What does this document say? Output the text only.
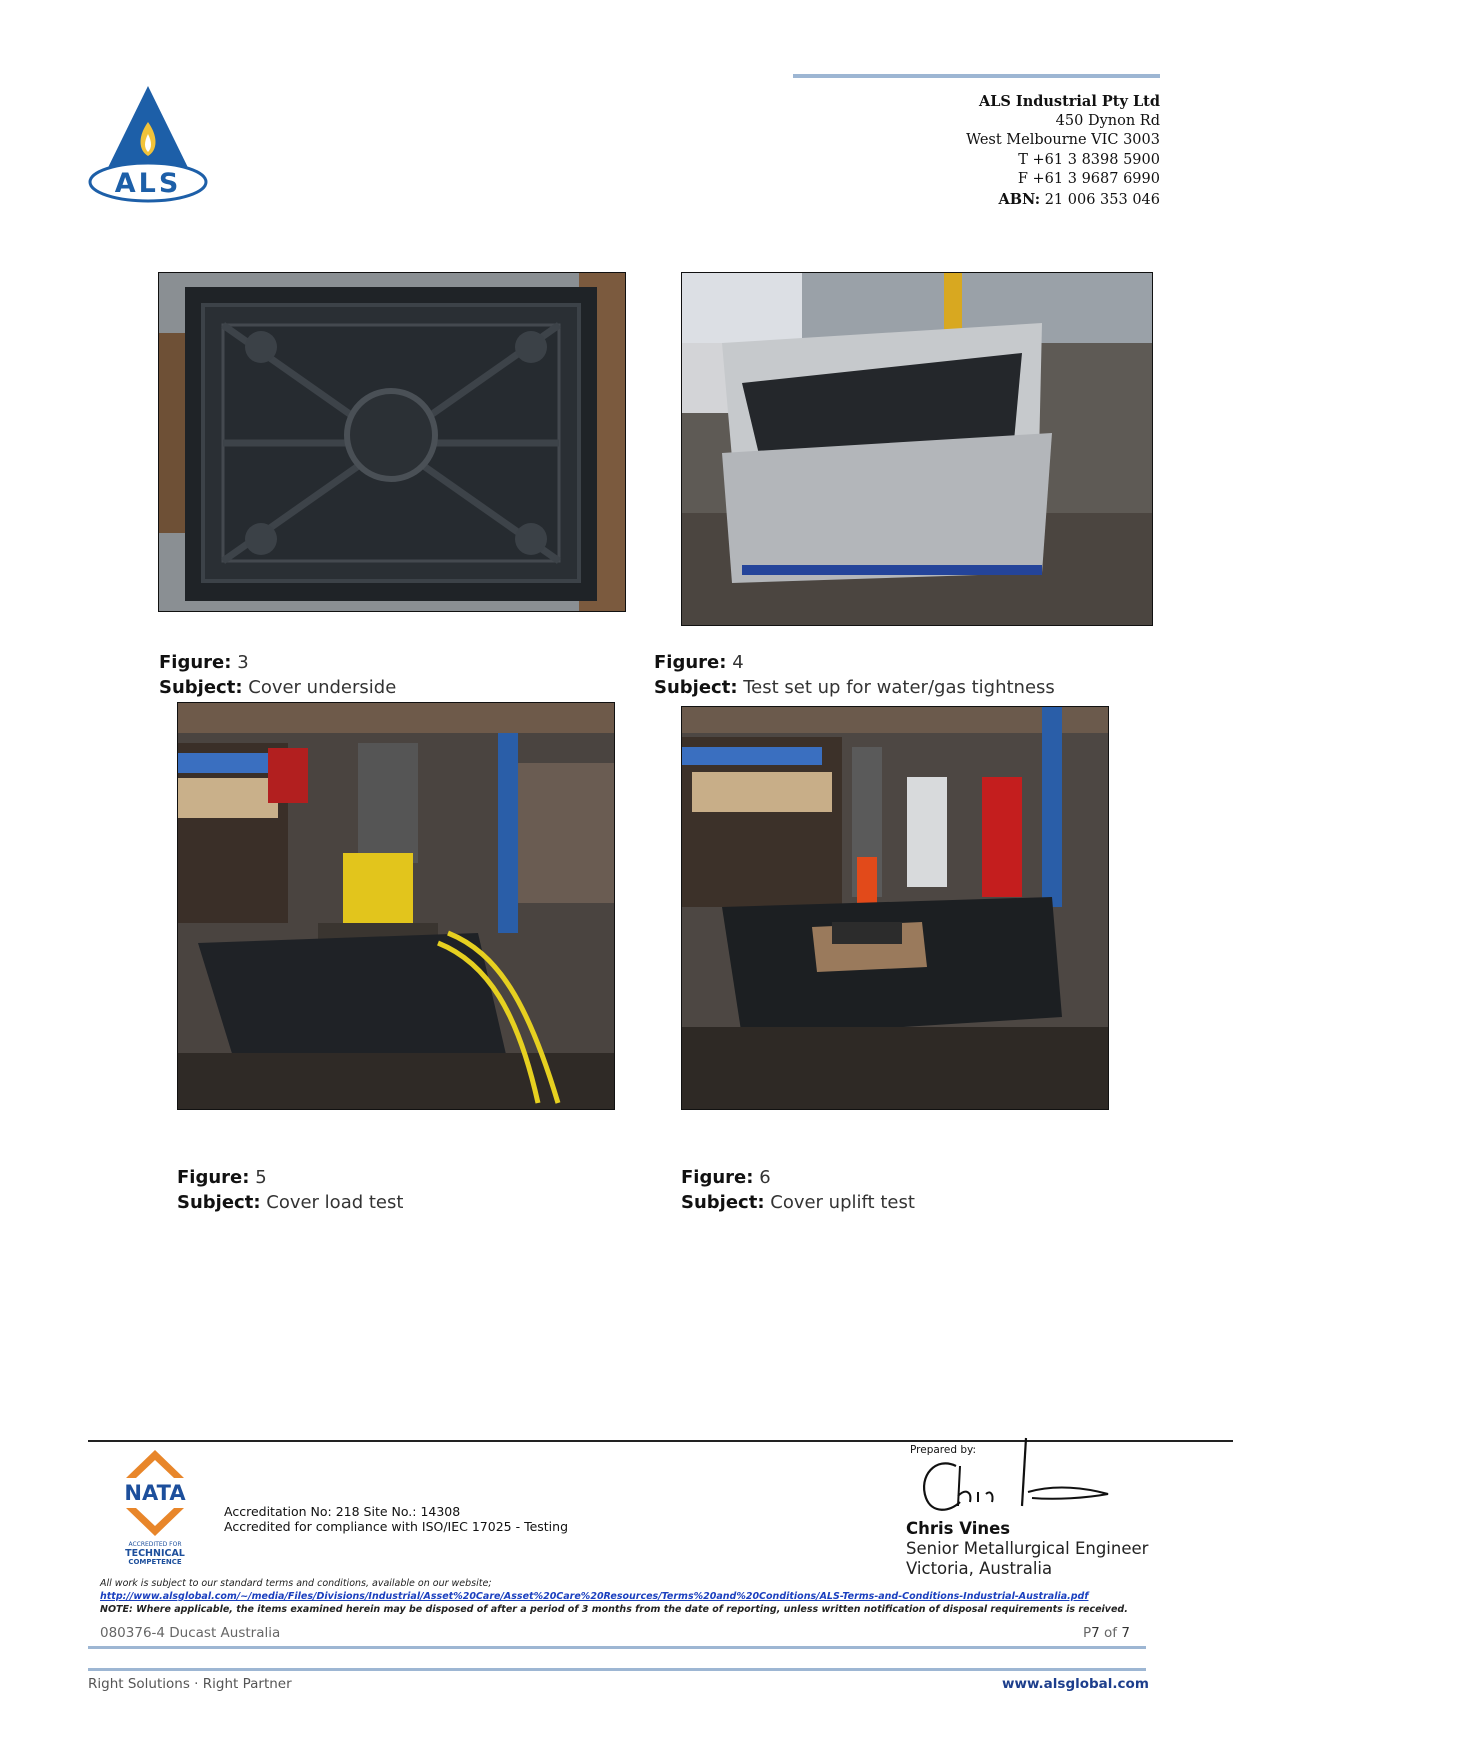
ALS
ALS Industrial Pty Ltd
450 Dynon Rd
West Melbourne VIC 3003
T +61 3 8398 5900
F +61 3 9687 6990
ABN: 21 006 353 046
Figure: 3
Subject: Cover underside
Figure: 4
Subject: Test set up for water/gas tightness
Figure: 5
Subject: Cover load test
Figure: 6
Subject: Cover uplift test
NATA
ACCREDITED FOR
TECHNICAL
COMPETENCE
Accreditation No: 218 Site No.: 14308
Accredited for compliance with ISO/IEC 17025 - Testing
Prepared by:
Chris Vines
Senior Metallurgical Engineer
Victoria, Australia
All work is subject to our standard terms and conditions, available on our website;
http://www.alsglobal.com/~/media/Files/Divisions/Industrial/Asset%20Care/Asset%20Care%20Resources/Terms%20and%20Conditions/ALS-Terms-and-Conditions-Industrial-Australia.pdf
NOTE: Where applicable, the items examined herein may be disposed of after a period of 3 months from the date of reporting, unless written notification of disposal requirements is received.
080376-4 Ducast Australia	P7 of 7
Right Solutions · Right Partner	www.alsglobal.com
